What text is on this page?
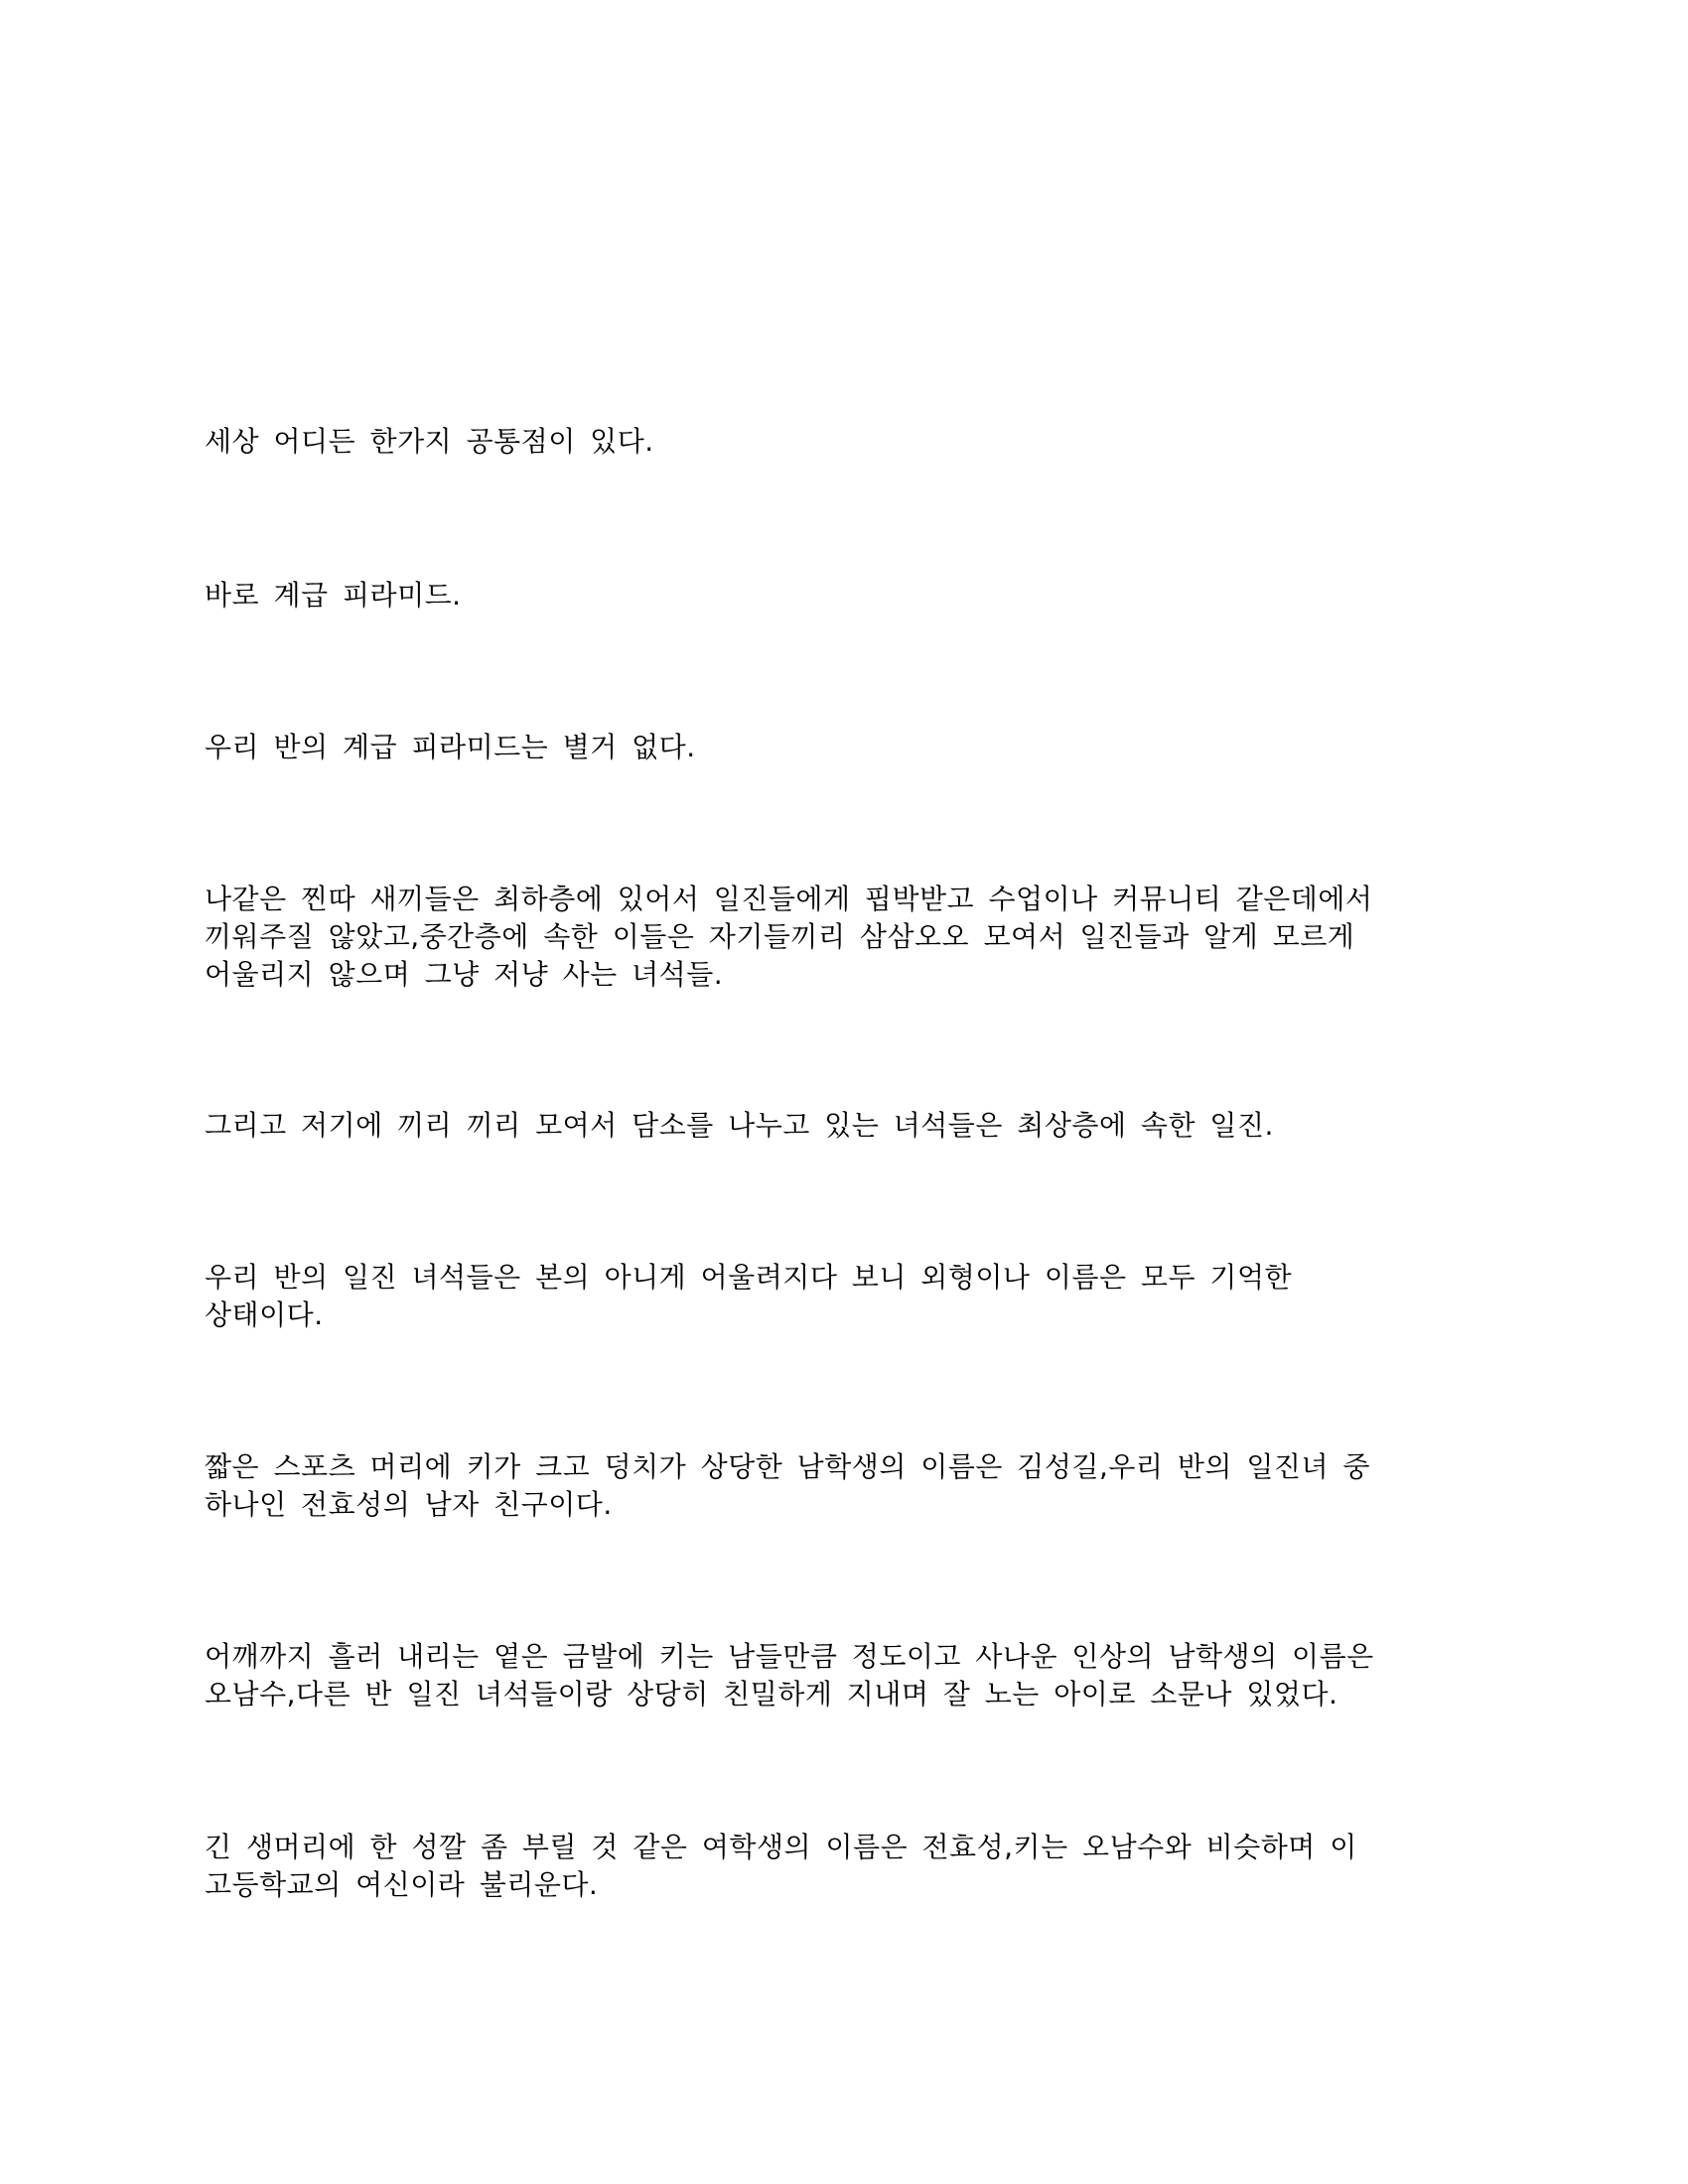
세상 어디든 한가지 공통점이 있다.

바로 계급 피라미드.

우리 반의 계급 피라미드는 별거 없다.

나같은 찐따 새끼들은 최하층에 있어서 일진들에게 핍박받고 수업이나 커뮤니티 같은데에서
끼워주질 않았고,중간층에 속한 이들은 자기들끼리 삼삼오오 모여서 일진들과 알게 모르게
어울리지 않으며 그냥 저냥 사는 녀석들.

그리고 저기에 끼리 끼리 모여서 담소를 나누고 있는 녀석들은 최상층에 속한 일진.

우리 반의 일진 녀석들은 본의 아니게 어울려지다 보니 외형이나 이름은 모두 기억한
상태이다.

짧은 스포츠 머리에 키가 크고 덩치가 상당한 남학생의 이름은 김성길,우리 반의 일진녀 중
하나인 전효성의 남자 친구이다.

어깨까지 흘러 내리는 옅은 금발에 키는 남들만큼 정도이고 사나운 인상의 남학생의 이름은
오남수,다른 반 일진 녀석들이랑 상당히 친밀하게 지내며 잘 노는 아이로 소문나 있었다.

긴 생머리에 한 성깔 좀 부릴 것 같은 여학생의 이름은 전효성,키는 오남수와 비슷하며 이
고등학교의 여신이라 불리운다.
